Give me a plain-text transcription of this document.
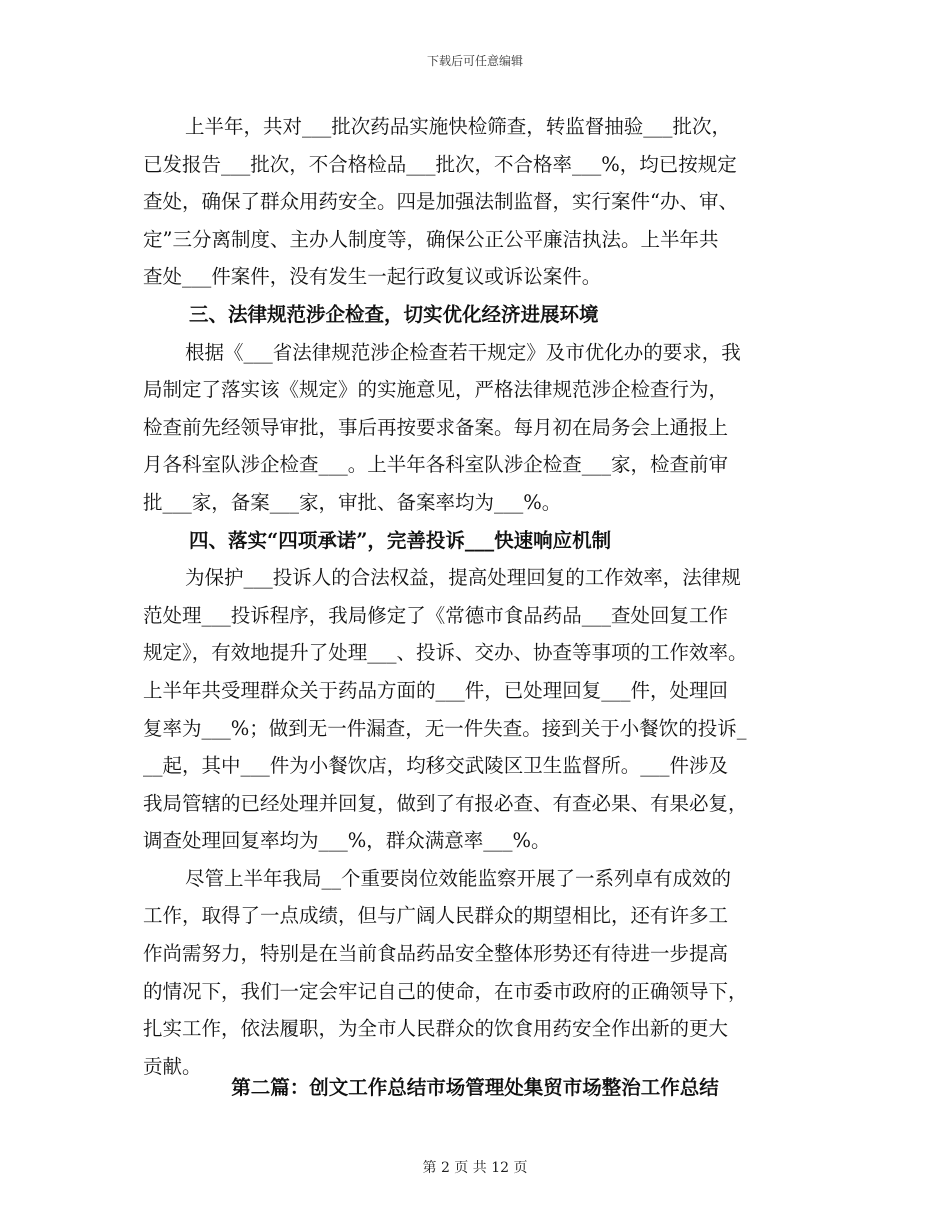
下载后可任意编辑
上半年，共对___批次药品实施快检筛查，转监督抽验___批次，
已发报告___批次，不合格检品___批次，不合格率___%，均已按规定
查处，确保了群众用药安全。四是加强法制监督，实行案件“办、审、
定”三分离制度、主办人制度等，确保公正公平廉洁执法。上半年共
查处___件案件，没有发生一起行政复议或诉讼案件。
三、法律规范涉企检查，切实优化经济进展环境
根据《___省法律规范涉企检查若干规定》及市优化办的要求，我
局制定了落实该《规定》的实施意见，严格法律规范涉企检查行为，
检查前先经领导审批，事后再按要求备案。每月初在局务会上通报上
月各科室队涉企检查___。上半年各科室队涉企检查___家，检查前审
批___家，备案___家，审批、备案率均为___%。
四、落实“四项承诺”，完善投诉___快速响应机制
为保护___投诉人的合法权益，提高处理回复的工作效率，法律规
范处理___投诉程序，我局修定了《常德市食品药品___查处回复工作
规定》，有效地提升了处理___、投诉、交办、协查等事项的工作效率。
上半年共受理群众关于药品方面的___件，已处理回复___件，处理回
复率为___%；做到无一件漏查，无一件失查。接到关于小餐饮的投诉_
__起，其中___件为小餐饮店，均移交武陵区卫生监督所。___件涉及
我局管辖的已经处理并回复，做到了有报必查、有查必果、有果必复，
调查处理回复率均为___%，群众满意率___%。
尽管上半年我局__个重要岗位效能监察开展了一系列卓有成效的
工作，取得了一点成绩，但与广阔人民群众的期望相比，还有许多工
作尚需努力，特别是在当前食品药品安全整体形势还有待进一步提高
的情况下，我们一定会牢记自己的使命，在市委市政府的正确领导下，
扎实工作，依法履职，为全市人民群众的饮食用药安全作出新的更大
贡献。
第二篇：创文工作总结市场管理处集贸市场整治工作总结
第 2 页 共 12 页
